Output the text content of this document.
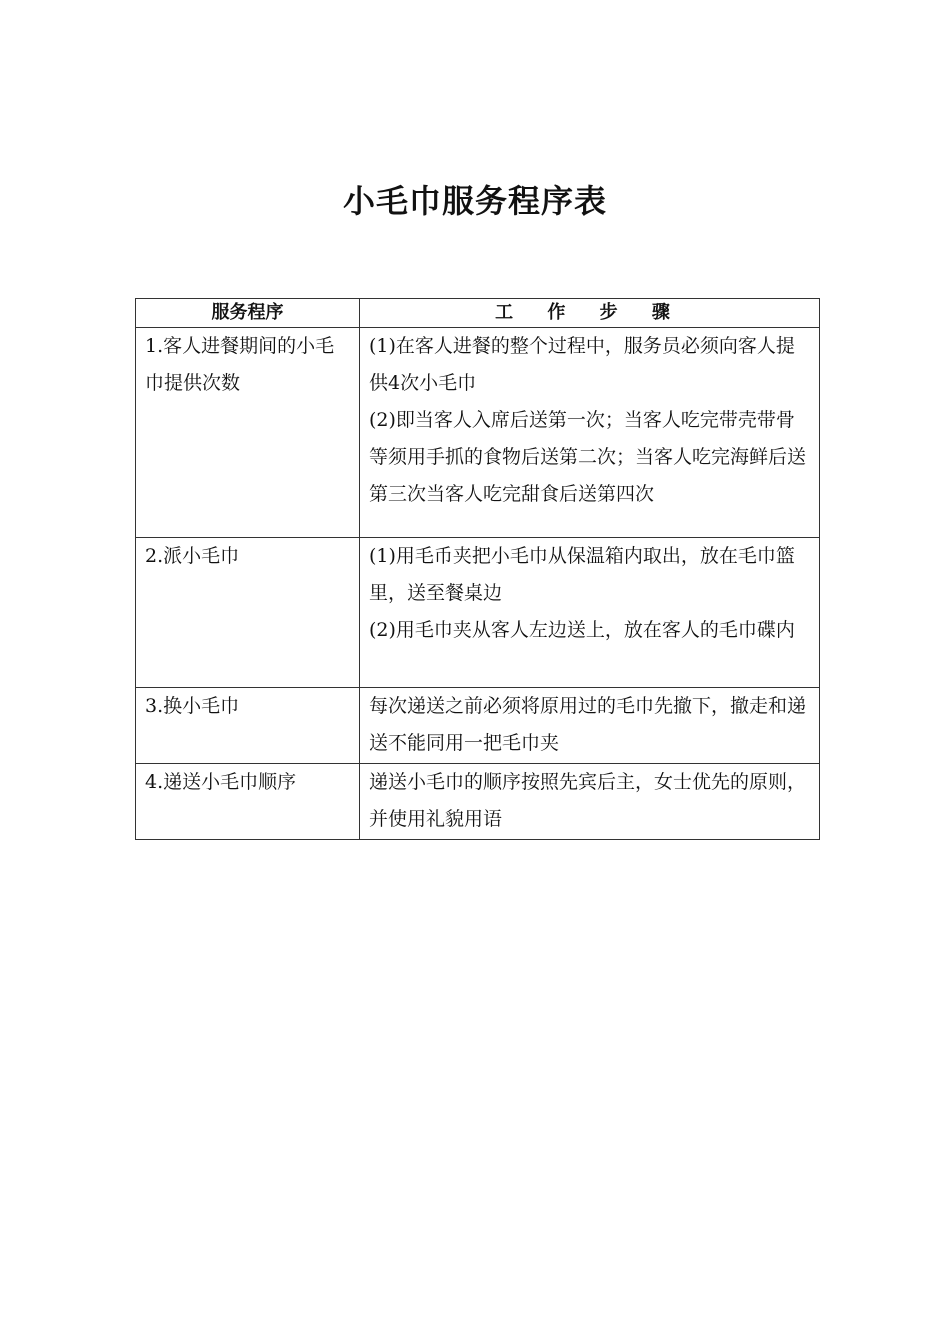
小毛巾服务程序表
服务程序	工 作 步 骤
1.客人进餐期间的小毛巾提供次数	(1)在客人进餐的整个过程中，服务员必须向客人提供4次小毛巾
(2)即当客人入席后送第一次；当客人吃完带壳带骨等须用手抓的食物后送第二次；当客人吃完海鲜后送第三次当客人吃完甜食后送第四次

2.派小毛巾	(1)用毛币夹把小毛巾从保温箱内取出，放在毛巾篮里，送至餐桌边
(2)用毛巾夹从客人左边送上，放在客人的毛巾碟内

3.换小毛巾	每次递送之前必须将原用过的毛巾先撤下，撤走和递送不能同用一把毛巾夹

4.递送小毛巾顺序	递送小毛巾的顺序按照先宾后主，女士优先的原则，并使用礼貌用语
